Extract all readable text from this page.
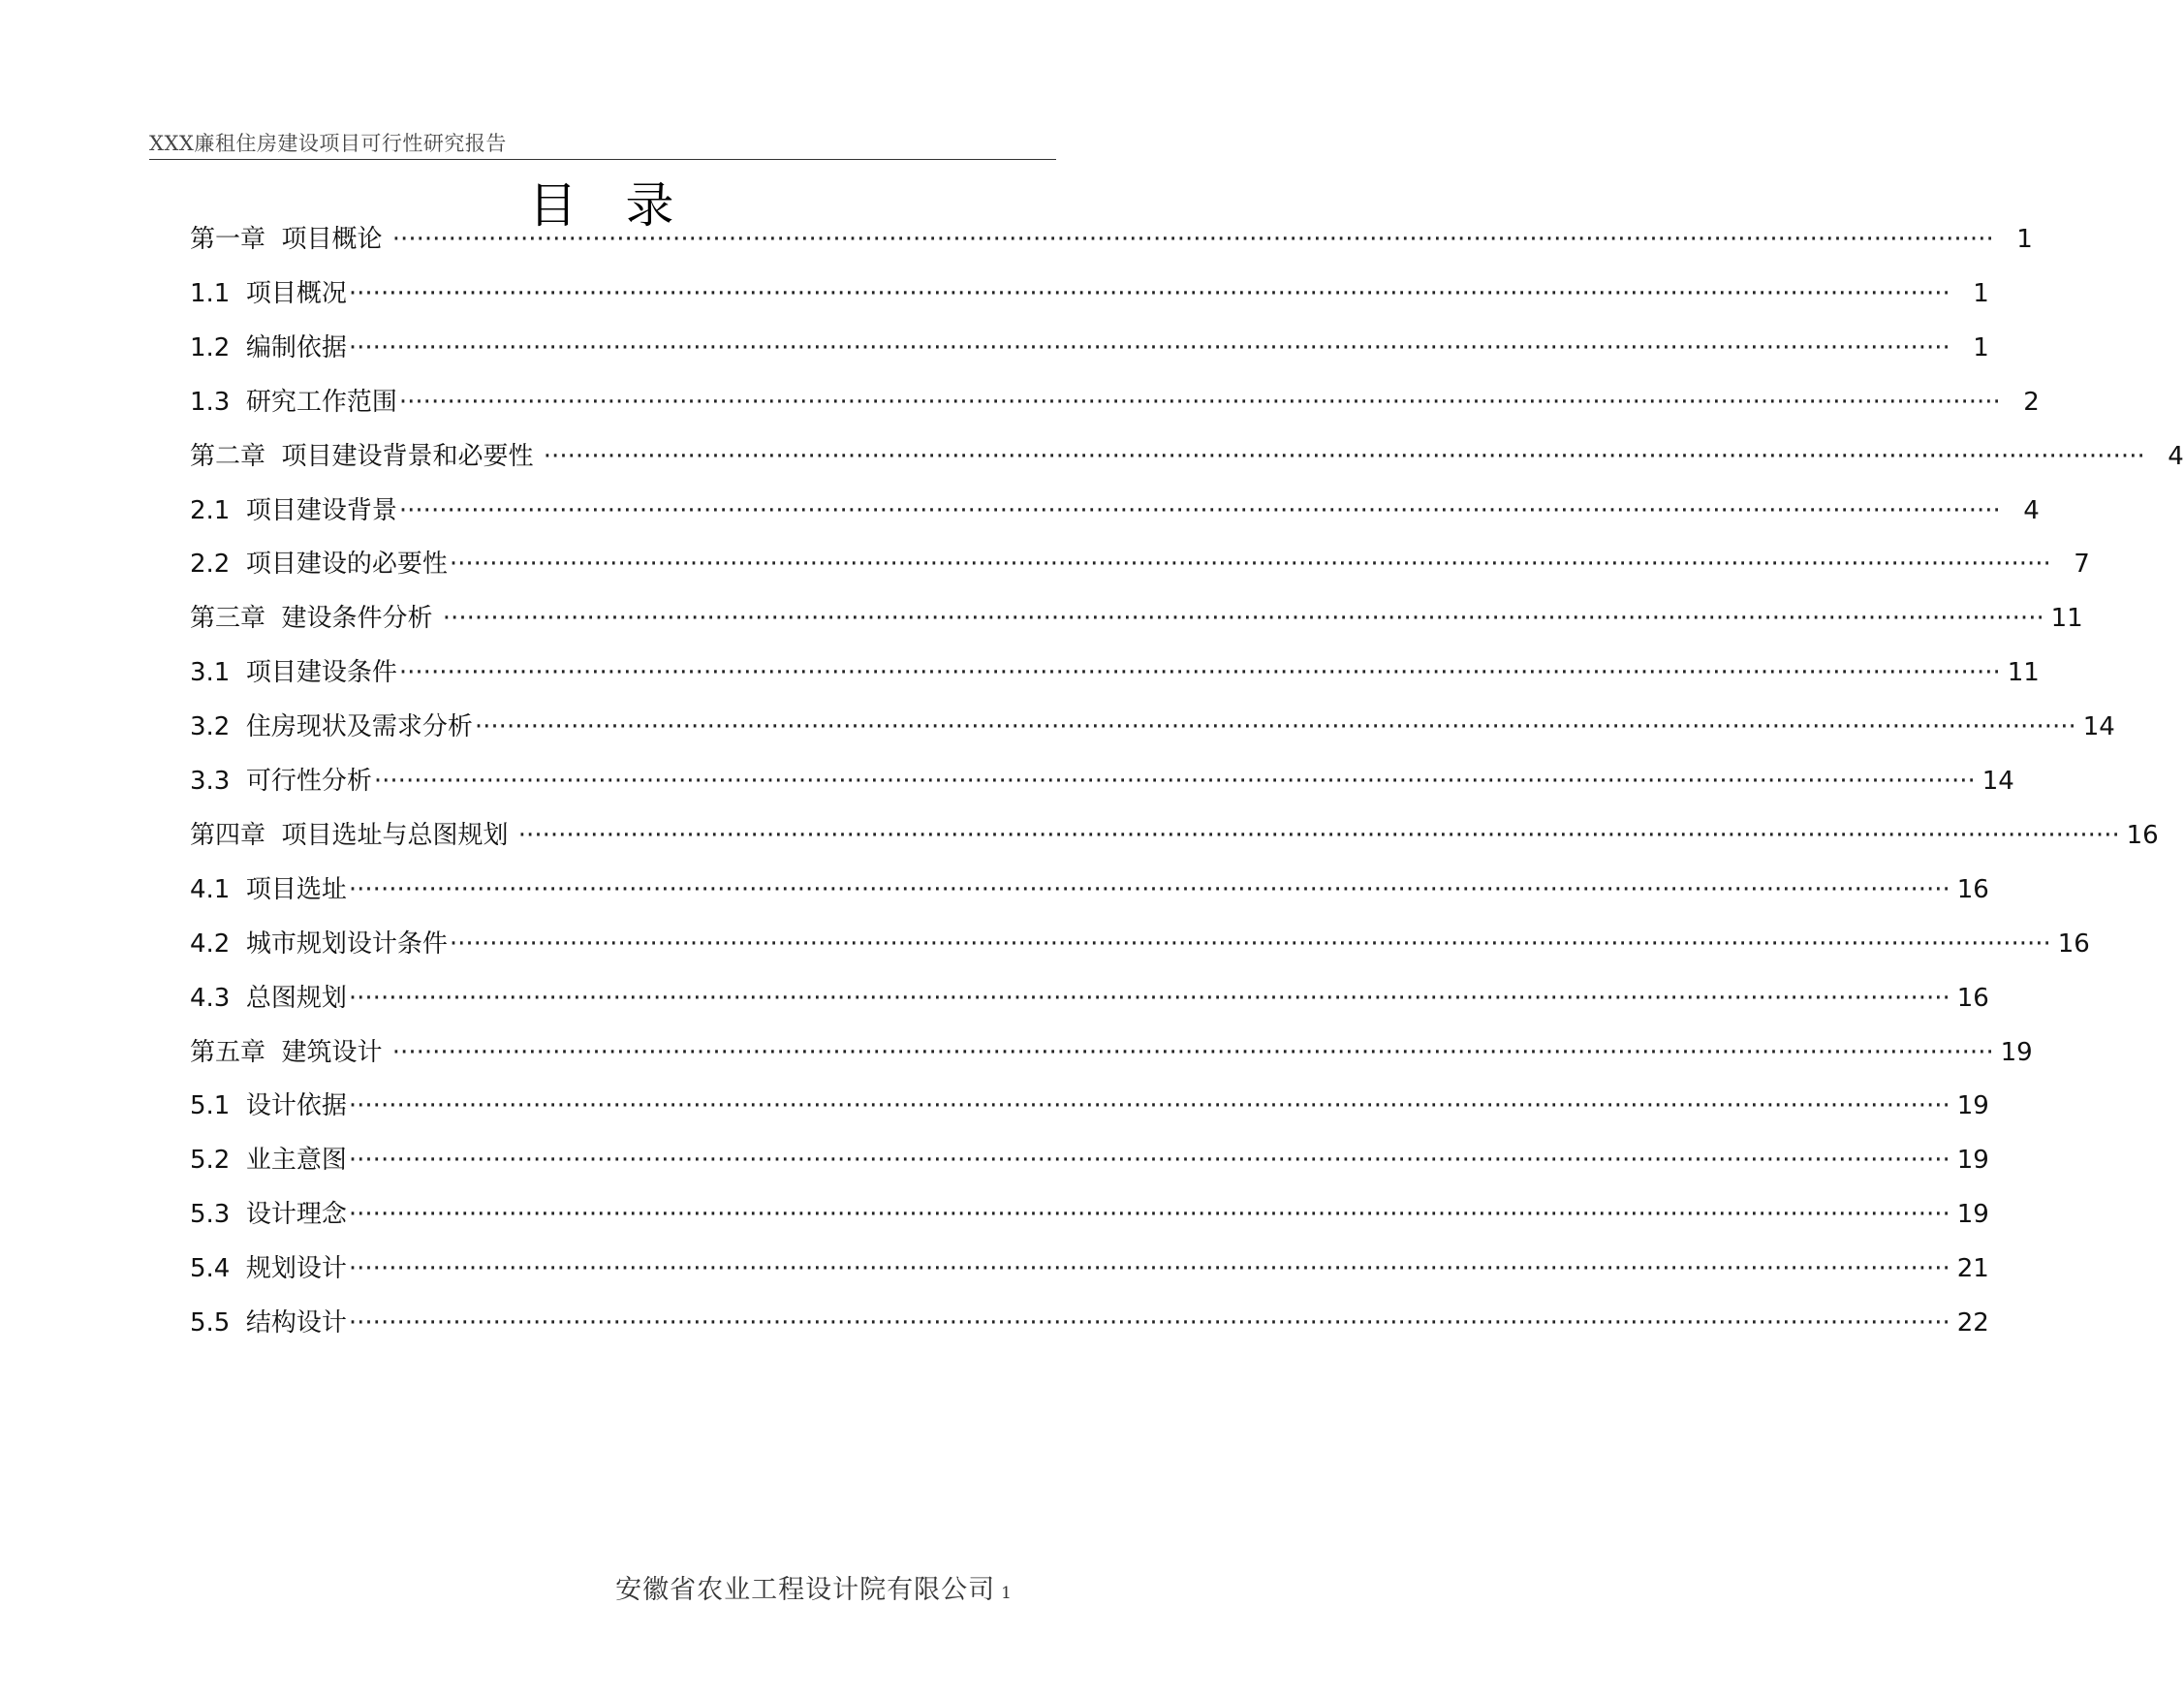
XXX廉租住房建设项目可行性研究报告
目　录
第一章  项目概论 ········································································································································································································ 1
1.1  项目概况 ········································································································································································································ 1
1.2  编制依据 ········································································································································································································ 1
1.3  研究工作范围 ········································································································································································································ 2
第二章  项目建设背景和必要性 ········································································································································································································ 4
2.1  项目建设背景 ········································································································································································································ 4
2.2  项目建设的必要性 ········································································································································································································ 7
第三章  建设条件分析 ········································································································································································································ 11
3.1  项目建设条件 ········································································································································································································ 11
3.2  住房现状及需求分析 ········································································································································································································ 14
3.3  可行性分析 ········································································································································································································ 14
第四章  项目选址与总图规划 ········································································································································································································ 16
4.1  项目选址 ········································································································································································································ 16
4.2  城市规划设计条件 ········································································································································································································ 16
4.3  总图规划 ········································································································································································································ 16
第五章  建筑设计 ········································································································································································································ 19
5.1  设计依据 ········································································································································································································ 19
5.2  业主意图 ········································································································································································································ 19
5.3  设计理念 ········································································································································································································ 19
5.4  规划设计 ········································································································································································································ 21
5.5  结构设计 ········································································································································································································ 22
安徽省农业工程设计院有限公司 1
